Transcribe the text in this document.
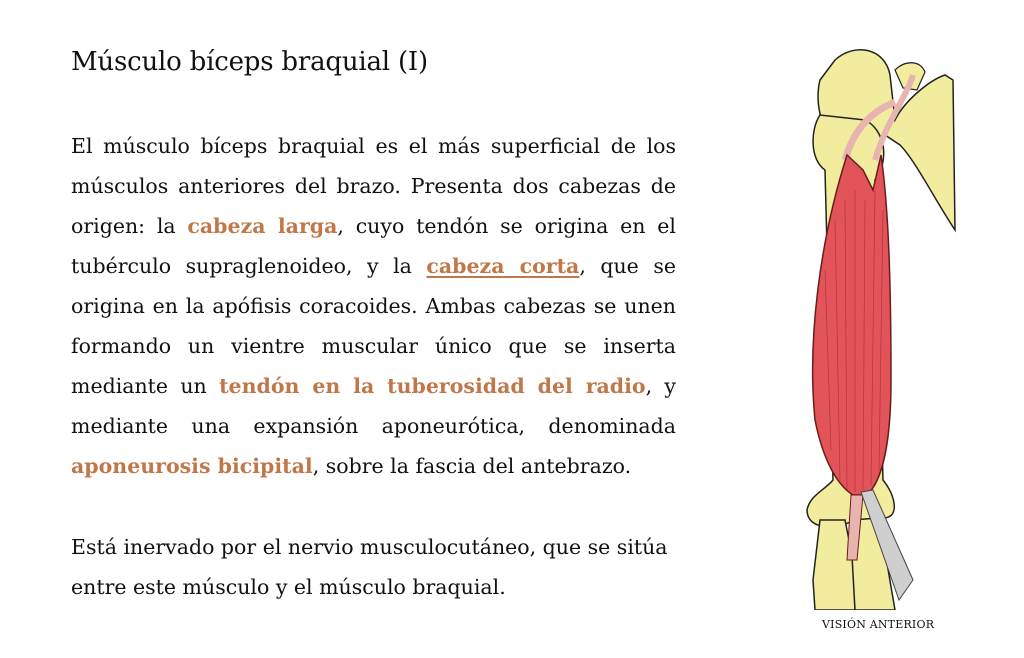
Músculo bíceps braquial (I)

El músculo bíceps braquial es el más superficial de los músculos anteriores del brazo. Presenta dos cabezas de origen: la cabeza larga, cuyo tendón se origina en el tubérculo supraglenoideo, y la cabeza corta, que se origina en la apófisis coracoides. Ambas cabezas se unen formando un vientre muscular único que se inserta mediante un tendón en la tuberosidad del radio, y mediante una expansión aponeurótica, denominada aponeurosis bicipital, sobre la fascia del antebrazo.

Está inervado por el nervio musculocutáneo, que se sitúa entre este músculo y el músculo braquial.

VISIÓN ANTERIOR
